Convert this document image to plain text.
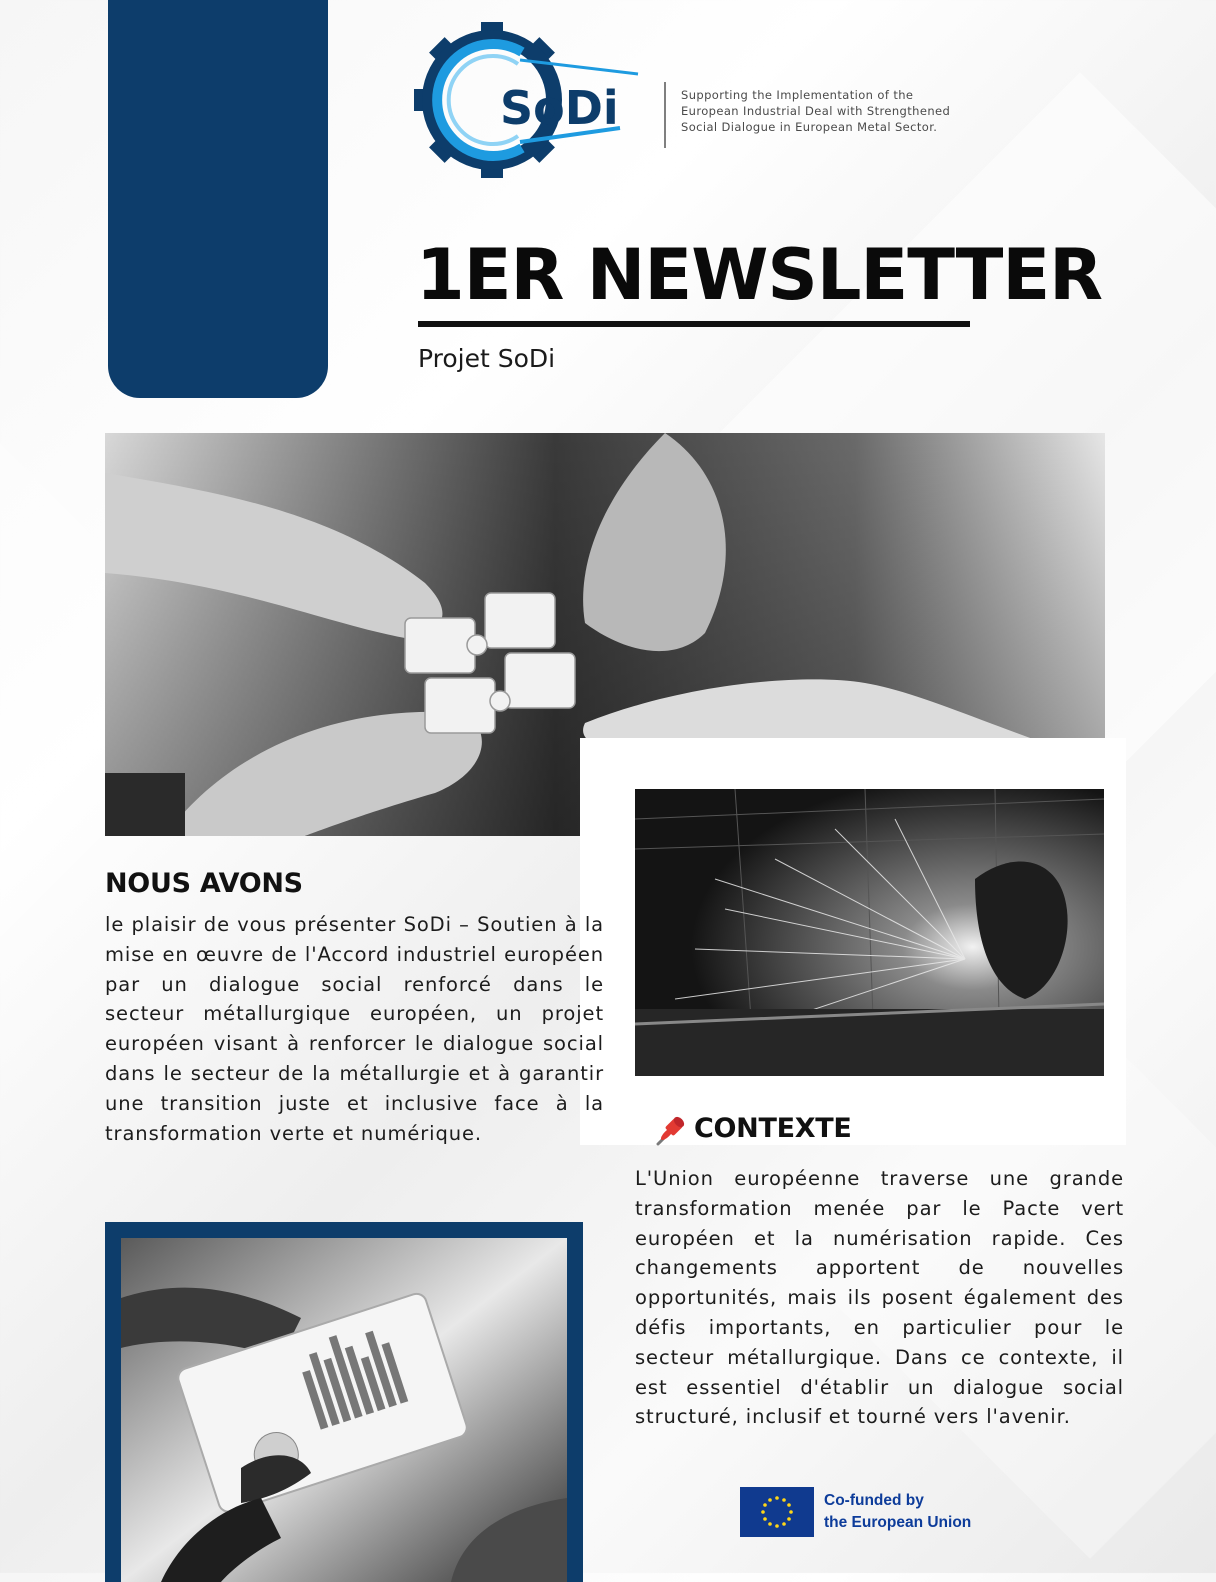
SoDi	Supporting the Implementation of the
European Industrial Deal with Strengthened
Social Dialogue in European Metal Sector.
1ER NEWSLETTER
Projet SoDi
NOUS AVONS

le plaisir de vous présenter SoDi – Soutien à la mise en œuvre de l'Accord industriel européen par un dialogue social renforcé dans le secteur métallurgique européen, un projet européen visant à renforcer le dialogue social dans le secteur de la métallurgie et à garantir une transition juste et inclusive face à la transformation verte et numérique.	CONTEXTE

L'Union européenne traverse une grande transformation menée par le Pacte vert européen et la numérisation rapide. Ces changements apportent de nouvelles opportunités, mais ils posent également des défis importants, en particulier pour le secteur métallurgique. Dans ce contexte, il est essentiel d'établir un dialogue social structuré, inclusif et tourné vers l'avenir.

Co-funded by
the European Union
